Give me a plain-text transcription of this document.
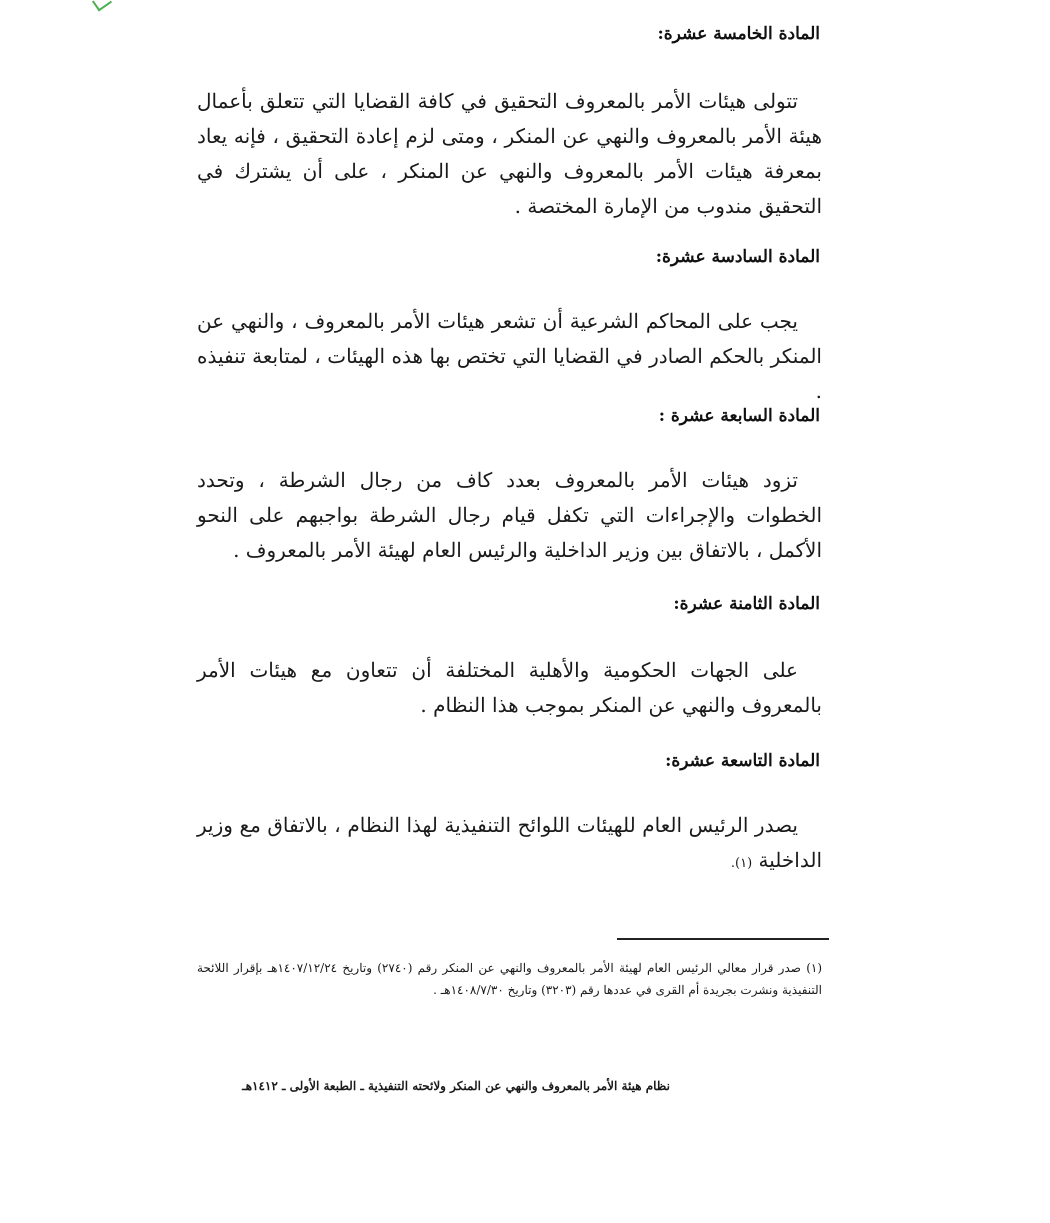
المادة الخامسة عشرة:
تتولى هيئات الأمر بالمعروف التحقيق في كافة القضايا التي تتعلق بأعمال هيئة الأمر بالمعروف والنهي عن المنكر ، ومتى لزم إعادة التحقيق ، فإنه يعاد بمعرفة هيئات الأمر بالمعروف والنهي عن المنكر ، على أن يشترك في التحقيق مندوب من الإمارة المختصة .
المادة السادسة عشرة:
يجب على المحاكم الشرعية أن تشعر هيئات الأمر بالمعروف ، والنهي عن المنكر بالحكم الصادر في القضايا التي تختص بها هذه الهيئات ، لمتابعة تنفيذه .
المادة السابعة عشرة :
تزود هيئات الأمر بالمعروف بعدد كاف من رجال الشرطة ، وتحدد الخطوات والإجراءات التي تكفل قيام رجال الشرطة بواجبهم على النحو الأكمل ، بالاتفاق بين وزير الداخلية والرئيس العام لهيئة الأمر بالمعروف .
المادة الثامنة عشرة:
على الجهات الحكومية والأهلية المختلفة أن تتعاون مع هيئات الأمر بالمعروف والنهي عن المنكر بموجب هذا النظام .
المادة التاسعة عشرة:
يصدر الرئيس العام للهيئات اللوائح التنفيذية لهذا النظام ، بالاتفاق مع وزير الداخلية (١).
(١) صدر قرار معالي الرئيس العام لهيئة الأمر بالمعروف والنهي عن المنكر رقم (٢٧٤٠) وتاريخ ١٤٠٧/١٢/٢٤هـ بإقرار اللائحة التنفيذية ونشرت بجريدة أم القرى في عددها رقم (٣٢٠٣) وتاريخ ١٤٠٨/٧/٣٠هـ .
نظام هيئة الأمر بالمعروف والنهي عن المنكر ولائحته التنفيذية ـ الطبعة الأولى ـ ١٤١٢هـ
